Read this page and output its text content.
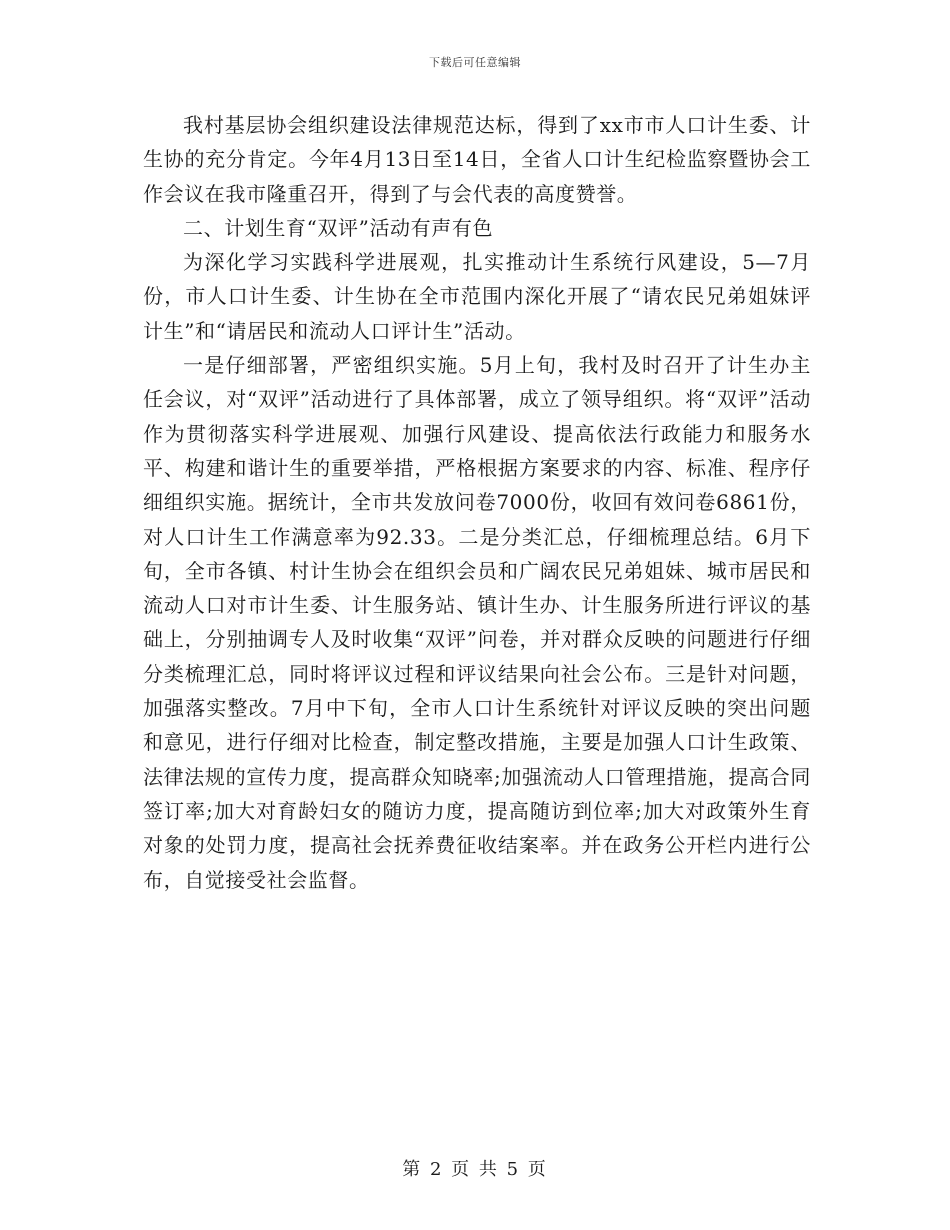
下载后可任意编辑

我村基层协会组织建设法律规范达标，得到了xx市市人口计生委、计生协的充分肯定。今年4月13日至14日，全省人口计生纪检监察暨协会工作会议在我市隆重召开，得到了与会代表的高度赞誉。

二、计划生育“双评”活动有声有色

为深化学习实践科学进展观，扎实推动计生系统行风建设，5—7月份，市人口计生委、计生协在全市范围内深化开展了“请农民兄弟姐妹评计生”和“请居民和流动人口评计生”活动。

一是仔细部署，严密组织实施。5月上旬，我村及时召开了计生办主任会议，对“双评”活动进行了具体部署，成立了领导组织。将“双评”活动作为贯彻落实科学进展观、加强行风建设、提高依法行政能力和服务水平、构建和谐计生的重要举措，严格根据方案要求的内容、标准、程序仔细组织实施。据统计，全市共发放问卷7000份，收回有效问卷6861份，对人口计生工作满意率为92.33。二是分类汇总，仔细梳理总结。6月下旬，全市各镇、村计生协会在组织会员和广阔农民兄弟姐妹、城市居民和流动人口对市计生委、计生服务站、镇计生办、计生服务所进行评议的基础上，分别抽调专人及时收集“双评”问卷，并对群众反映的问题进行仔细分类梳理汇总，同时将评议过程和评议结果向社会公布。三是针对问题，加强落实整改。7月中下旬，全市人口计生系统针对评议反映的突出问题和意见，进行仔细对比检查，制定整改措施，主要是加强人口计生政策、法律法规的宣传力度，提高群众知晓率;加强流动人口管理措施，提高合同签订率;加大对育龄妇女的随访力度，提高随访到位率;加大对政策外生育对象的处罚力度，提高社会抚养费征收结案率。并在政务公开栏内进行公布，自觉接受社会监督。

第 2 页 共 5 页
